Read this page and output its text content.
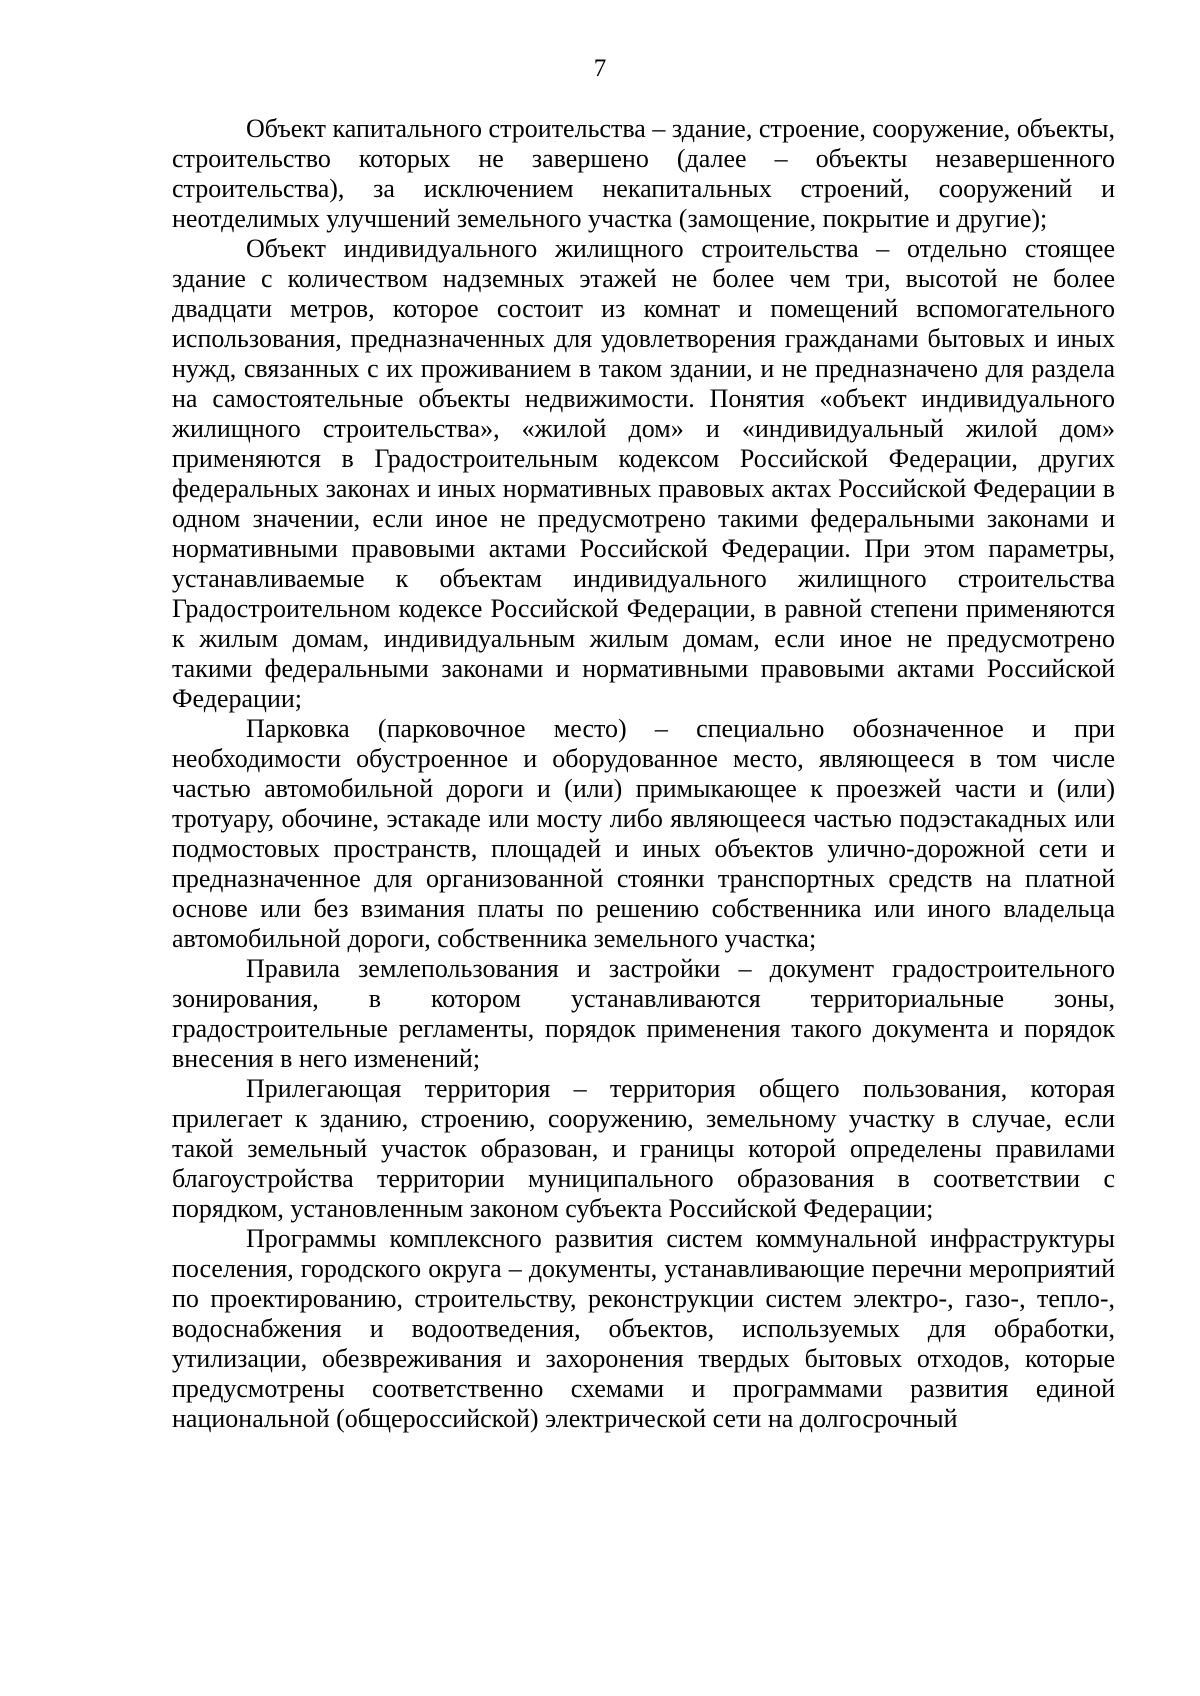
7

Объект капитального строительства – здание, строение, сооружение, объекты, строительство которых не завершено (далее – объекты незавершенного строительства), за исключением некапитальных строений, сооружений и неотделимых улучшений земельного участка (замощение, покрытие и другие);

Объект индивидуального жилищного строительства – отдельно стоящее здание с количеством надземных этажей не более чем три, высотой не более двадцати метров, которое состоит из комнат и помещений вспомогательного использования, предназначенных для удовлетворения гражданами бытовых и иных нужд, связанных с их проживанием в таком здании, и не предназначено для раздела на самостоятельные объекты недвижимости. Понятия «объект индивидуального жилищного строительства», «жилой дом» и «индивидуальный жилой дом» применяются в Градостроительным кодексом Российской Федерации, других федеральных законах и иных нормативных правовых актах Российской Федерации в одном значении, если иное не предусмотрено такими федеральными законами и нормативными правовыми актами Российской Федерации. При этом параметры, устанавливаемые к объектам индивидуального жилищного строительства Градостроительном кодексе Российской Федерации, в равной степени применяются к жилым домам, индивидуальным жилым домам, если иное не предусмотрено такими федеральными законами и нормативными правовыми актами Российской Федерации;

Парковка (парковочное место) – специально обозначенное и при необходимости обустроенное и оборудованное место, являющееся в том числе частью автомобильной дороги и (или) примыкающее к проезжей части и (или) тротуару, обочине, эстакаде или мосту либо являющееся частью подэстакадных или подмостовых пространств, площадей и иных объектов улично-дорожной сети и предназначенное для организованной стоянки транспортных средств на платной основе или без взимания платы по решению собственника или иного владельца автомобильной дороги, собственника земельного участка;

Правила землепользования и застройки – документ градостроительного зонирования, в котором устанавливаются территориальные зоны, градостроительные регламенты, порядок применения такого документа и порядок внесения в него изменений;

Прилегающая территория – территория общего пользования, которая прилегает к зданию, строению, сооружению, земельному участку в случае, если такой земельный участок образован, и границы которой определены правилами благоустройства территории муниципального образования в соответствии с порядком, установленным законом субъекта Российской Федерации;

Программы комплексного развития систем коммунальной инфраструктуры поселения, городского округа – документы, устанавливающие перечни мероприятий по проектированию, строительству, реконструкции систем электро-, газо-, тепло-, водоснабжения и водоотведения, объектов, используемых для обработки, утилизации, обезвреживания и захоронения твердых бытовых отходов, которые предусмотрены соответственно схемами и программами развития единой национальной (общероссийской) электрической сети на долгосрочный
